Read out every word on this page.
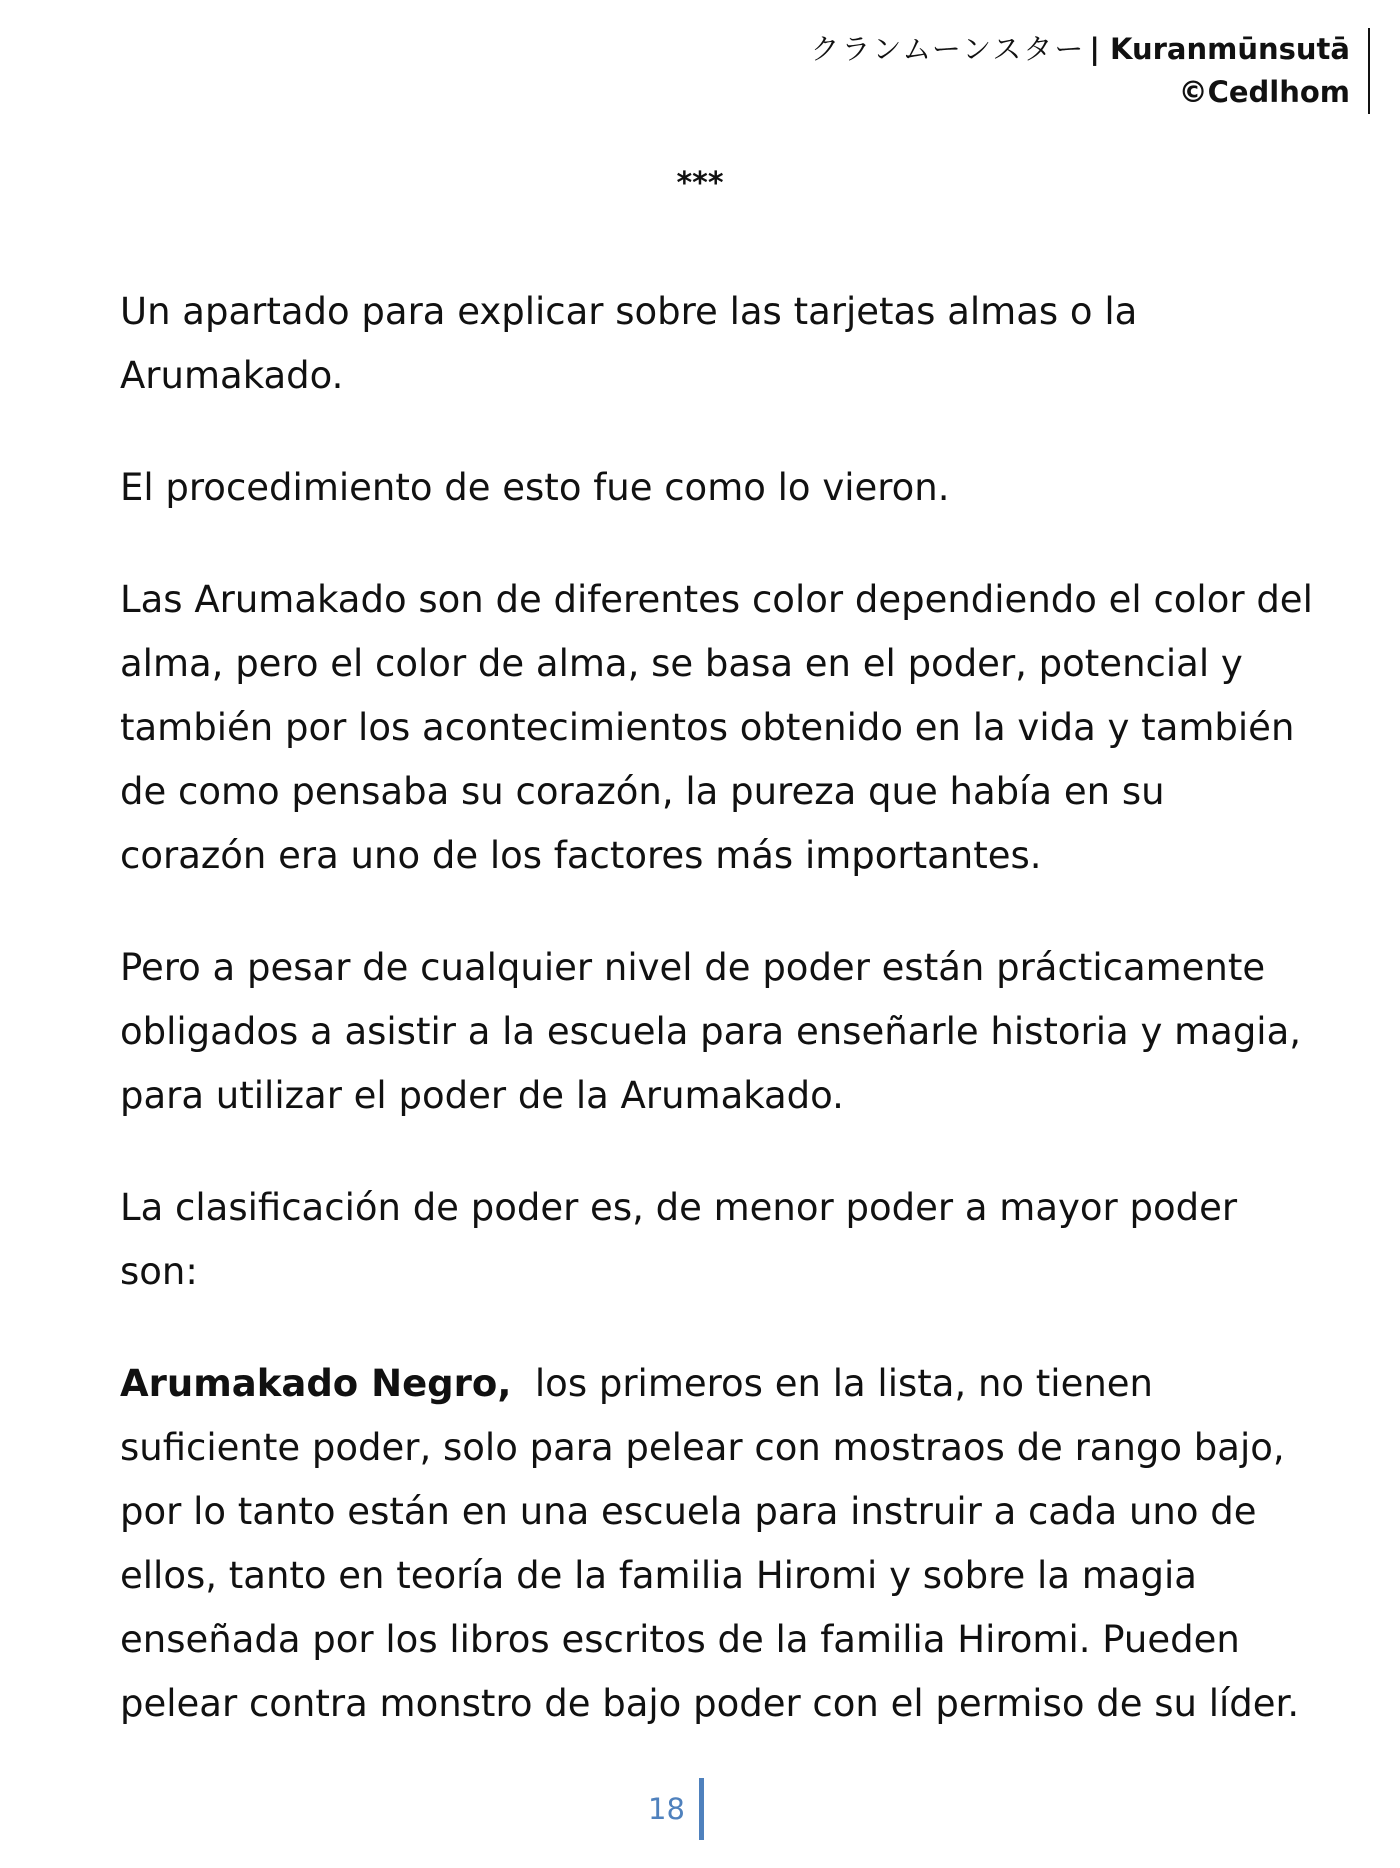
クランムーンスター | Kuranmūnsutā
©Cedlhom
***

Un apartado para explicar sobre las tarjetas almas o la Arumakado.

El procedimiento de esto fue como lo vieron.

Las Arumakado son de diferentes color dependiendo el color del alma, pero el color de alma, se basa en el poder, potencial y también por los acontecimientos obtenido en la vida y también de como pensaba su corazón, la pureza que había en su corazón era uno de los factores más importantes.

Pero a pesar de cualquier nivel de poder están prácticamente obligados a asistir a la escuela para enseñarle historia y magia, para utilizar el poder de la Arumakado.

La clasificación de poder es, de menor poder a mayor poder son:

Arumakado Negro, los primeros en la lista, no tienen suficiente poder, solo para pelear con mostraos de rango bajo, por lo tanto están en una escuela para instruir a cada uno de ellos, tanto en teoría de la familia Hiromi y sobre la magia enseñada por los libros escritos de la familia Hiromi. Pueden pelear contra monstro de bajo poder con el permiso de su líder.

18
